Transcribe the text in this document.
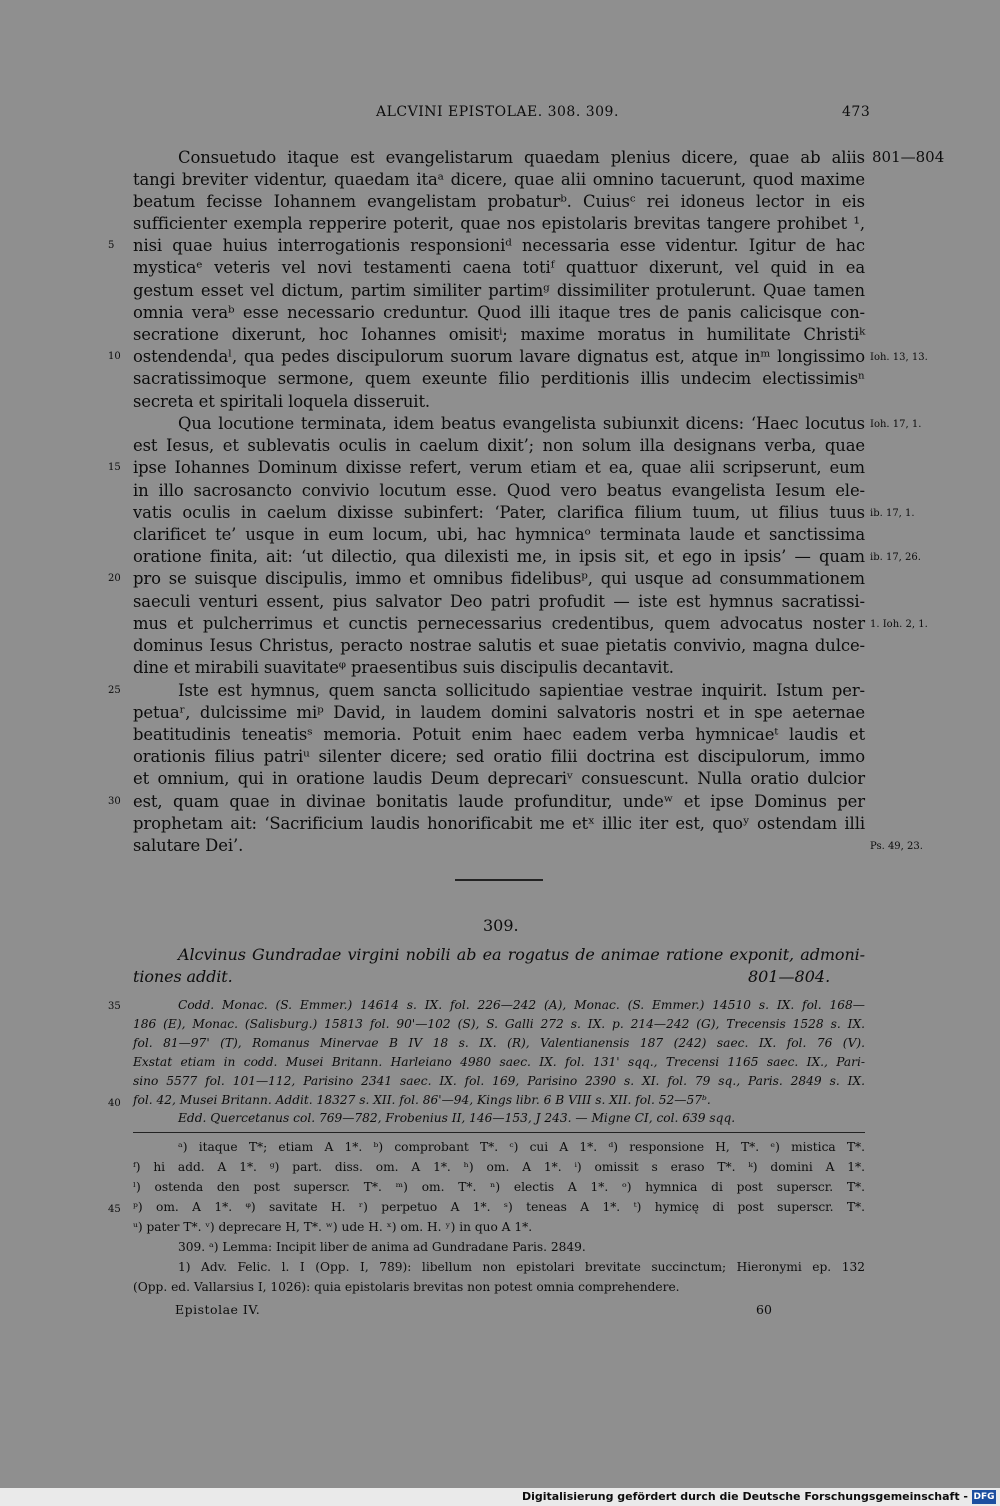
ALCVINI EPISTOLAE. 308. 309.	473
Consuetudo itaque est evangelistarum quaedam plenius dicere, quae ab aliis
tangi breviter videntur, quaedam itaᵃ dicere, quae alii omnino tacuerunt, quod maxime
beatum fecisse Iohannem evangelistam probaturᵇ. Cuiusᶜ rei idoneus lector in eis
sufficienter exempla repperire poterit, quae nos epistolaris brevitas tangere prohibet ¹,
nisi quae huius interrogationis responsioniᵈ necessaria esse videntur. Igitur de hac
mysticaᵉ veteris vel novi testamenti caena totiᶠ quattuor dixerunt, vel quid in ea
gestum esset vel dictum, partim similiter partimᵍ dissimiliter protulerunt. Quae tamen
omnia veraᵇ esse necessario creduntur. Quod illi itaque tres de panis calicisque con-
secratione dixerunt, hoc Iohannes omisitⁱ; maxime moratus in humilitate Christiᵏ
ostendendaˡ, qua pedes discipulorum suorum lavare dignatus est, atque inᵐ longissimo
sacratissimoque sermone, quem exeunte filio perditionis illis undecim electissimisⁿ
secreta et spiritali loquela disseruit.
Qua locutione terminata, idem beatus evangelista subiunxit dicens: ‘Haec locutus
est Iesus, et sublevatis oculis in caelum dixit’; non solum illa designans verba, quae
ipse Iohannes Dominum dixisse refert, verum etiam et ea, quae alii scripserunt, eum
in illo sacrosancto convivio locutum esse. Quod vero beatus evangelista Iesum ele-
vatis oculis in caelum dixisse subinfert: ‘Pater, clarifica filium tuum, ut filius tuus
clarificet te’ usque in eum locum, ubi, hac hymnicaᵒ terminata laude et sanctissima
oratione finita, ait: ‘ut dilectio, qua dilexisti me, in ipsis sit, et ego in ipsis’ — quam
pro se suisque discipulis, immo et omnibus fidelibusᵖ, qui usque ad consummationem
saeculi venturi essent, pius salvator Deo patri profudit — iste est hymnus sacratissi-
mus et pulcherrimus et cunctis pernecessarius credentibus, quem advocatus noster
dominus Iesus Christus, peracto nostrae salutis et suae pietatis convivio, magna dulce-
dine et mirabili suavitateᵠ praesentibus suis discipulis decantavit.
Iste est hymnus, quem sancta sollicitudo sapientiae vestrae inquirit. Istum per-
petuaʳ, dulcissime miᵖ David, in laudem domini salvatoris nostri et in spe aeternae
beatitudinis teneatisˢ memoria. Potuit enim haec eadem verba hymnicaeᵗ laudis et
orationis filius patriᵘ silenter dicere; sed oratio filii doctrina est discipulorum, immo
et omnium, qui in oratione laudis Deum deprecariᵛ consuescunt. Nulla oratio dulcior
est, quam quae in divinae bonitatis laude profunditur, undeʷ et ipse Dominus per
prophetam ait: ‘Sacrificium laudis honorificabit me etˣ illic iter est, quoʸ ostendam illi
salutare Dei’.
5
10
15
20
25
30
801—804
Ioh. 13, 13.
Ioh. 17, 1.
ib. 17, 1.
ib. 17, 26.
1. Ioh. 2, 1.
Ps. 49, 23.
309.
Alcvinus Gundradae virgini nobili ab ea rogatus de animae ratione exponit, admoni-
tiones addit.	801—804.
Codd. Monac. (S. Emmer.) 14614 s. IX. fol. 226—242 (A), Monac. (S. Emmer.) 14510 s. IX. fol. 168—
186 (E), Monac. (Salisburg.) 15813 fol. 90'—102 (S), S. Galli 272 s. IX. p. 214—242 (G), Trecensis 1528 s. IX.
fol. 81—97' (T), Romanus Minervae B IV 18 s. IX. (R), Valentianensis 187 (242) saec. IX. fol. 76 (V).
Exstat etiam in codd. Musei Britann. Harleiano 4980 saec. IX. fol. 131' sqq., Trecensi 1165 saec. IX., Pari-
sino 5577 fol. 101—112, Parisino 2341 saec. IX. fol. 169, Parisino 2390 s. XI. fol. 79 sq., Paris. 2849 s. IX.
fol. 42, Musei Britann. Addit. 18327 s. XII. fol. 86'—94, Kings libr. 6 B VIII s. XII. fol. 52—57ᵇ.
Edd. Quercetanus col. 769—782, Frobenius II, 146—153, J 243. — Migne CI, col. 639 sqq.
35
40
ᵃ) itaque T*; etiam A 1*. ᵇ) comprobant T*. ᶜ) cui A 1*. ᵈ) responsione H, T*. ᵉ) mistica T*.
ᶠ) hi add. A 1*. ᵍ) part. diss. om. A 1*. ʰ) om. A 1*. ⁱ) omissit s eraso T*. ᵏ) domini A 1*.
ˡ) ostenda den post superscr. T*. ᵐ) om. T*. ⁿ) electis A 1*. ᵒ) hymnica di post superscr. T*.
ᵖ) om. A 1*. ᵠ) savitate H. ʳ) perpetuo A 1*. ˢ) teneas A 1*. ᵗ) hymicę di post superscr. T*.
ᵘ) pater T*. ᵛ) deprecare H, T*. ʷ) ude H. ˣ) om. H. ʸ) in quo A 1*.
309. ᵃ) Lemma: Incipit liber de anima ad Gundradane Paris. 2849.
1) Adv. Felic. l. I (Opp. I, 789): libellum non epistolari brevitate succinctum; Hieronymi ep. 132
(Opp. ed. Vallarsius I, 1026): quia epistolaris brevitas non potest omnia comprehendere.
45
Epistolae IV.	60
Digitalisierung gefördert durch die Deutsche Forschungsgemeinschaft - DFG
